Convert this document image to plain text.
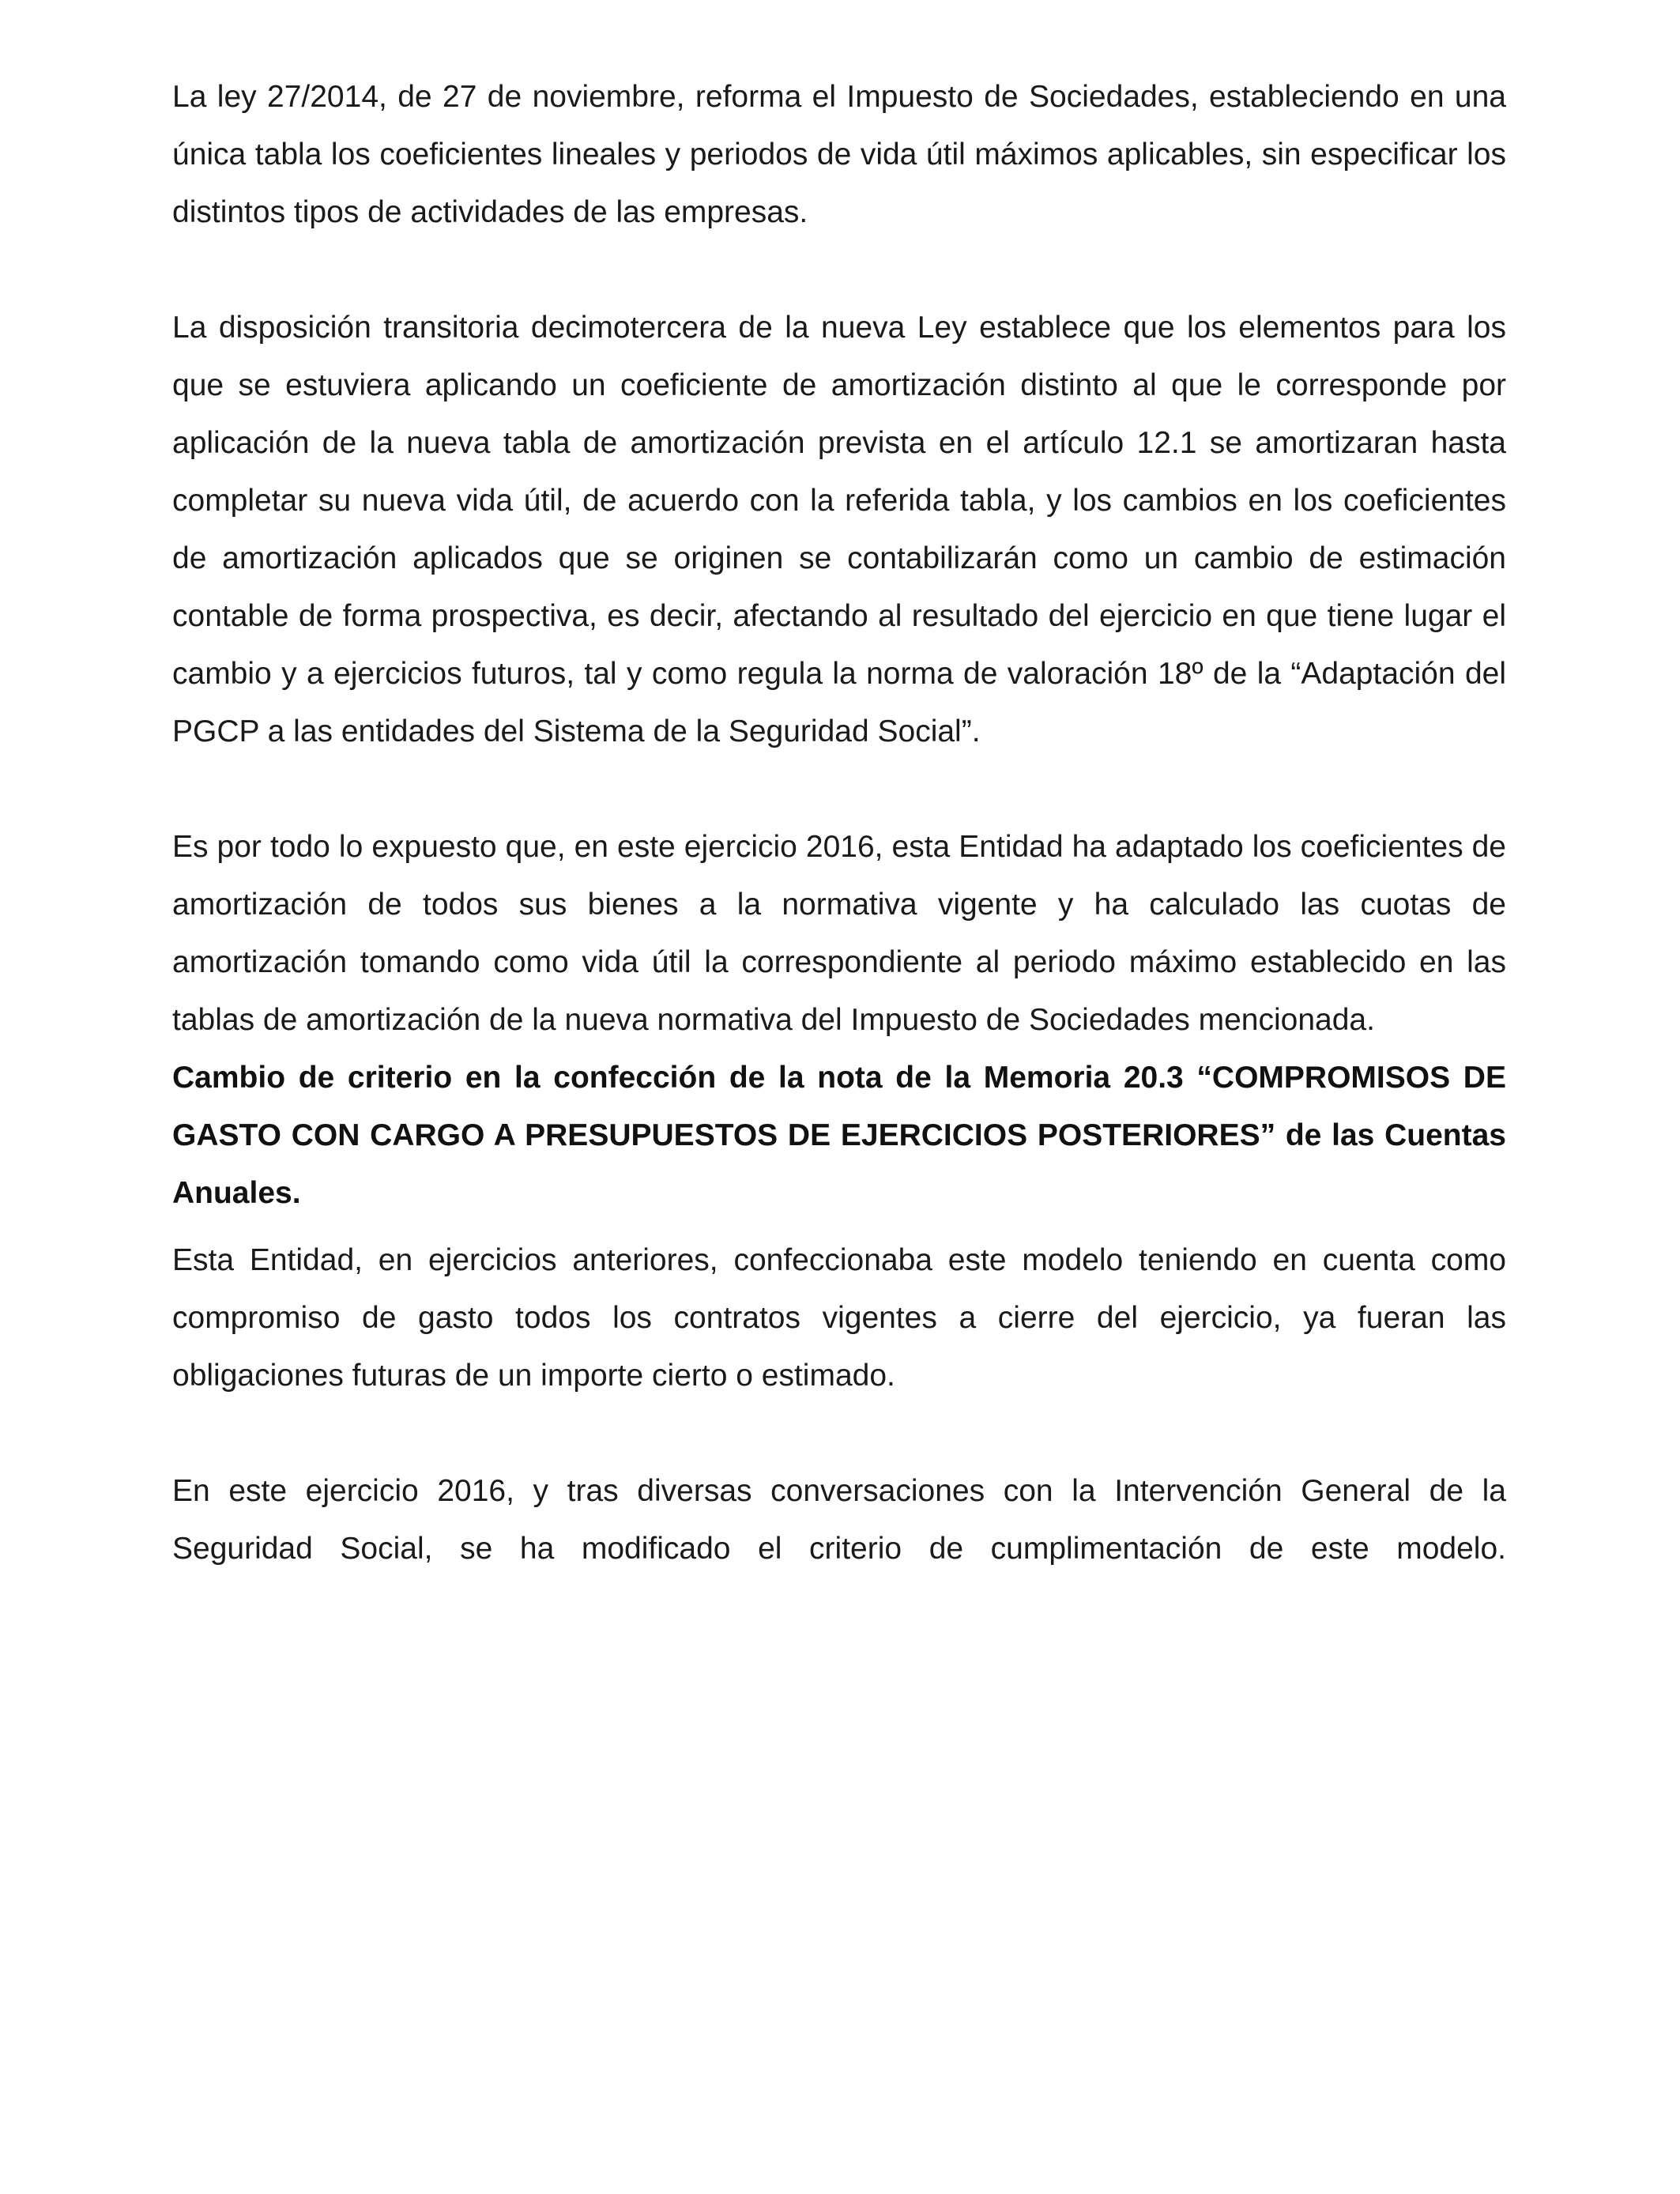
La ley 27/2014, de 27 de noviembre, reforma el Impuesto de Sociedades, estableciendo en una única tabla los coeficientes lineales y periodos de vida útil máximos aplicables, sin especificar los distintos tipos de actividades de las empresas.

La disposición transitoria decimotercera de la nueva Ley establece que los elementos para los que se estuviera aplicando un coeficiente de amortización distinto al que le corresponde por aplicación de la nueva tabla de amortización prevista en el artículo 12.1 se amortizaran hasta completar su nueva vida útil, de acuerdo con la referida tabla, y los cambios en los coeficientes de amortización aplicados que se originen se contabilizarán como un cambio de estimación contable de forma prospectiva, es decir, afectando al resultado del ejercicio en que tiene lugar el cambio y a ejercicios futuros, tal y como regula la norma de valoración 18º de la “Adaptación del PGCP a las entidades del Sistema de la Seguridad Social”.

Es por todo lo expuesto que, en este ejercicio 2016, esta Entidad ha adaptado los coeficientes de amortización de todos sus bienes a la normativa vigente y ha calculado las cuotas de amortización tomando como vida útil la correspondiente al periodo máximo establecido en las tablas de amortización de la nueva normativa del Impuesto de Sociedades mencionada.

Cambio de criterio en la confección de la nota de la Memoria 20.3 “COMPROMISOS DE GASTO CON CARGO A PRESUPUESTOS DE EJERCICIOS POSTERIORES” de las Cuentas Anuales.

Esta Entidad, en ejercicios anteriores, confeccionaba este modelo teniendo en cuenta como compromiso de gasto todos los contratos vigentes a cierre del ejercicio, ya fueran las obligaciones futuras de un importe cierto o estimado.

En este ejercicio 2016, y tras diversas conversaciones con la Intervención General de la Seguridad Social, se ha modificado el criterio de cumplimentación de este modelo.
